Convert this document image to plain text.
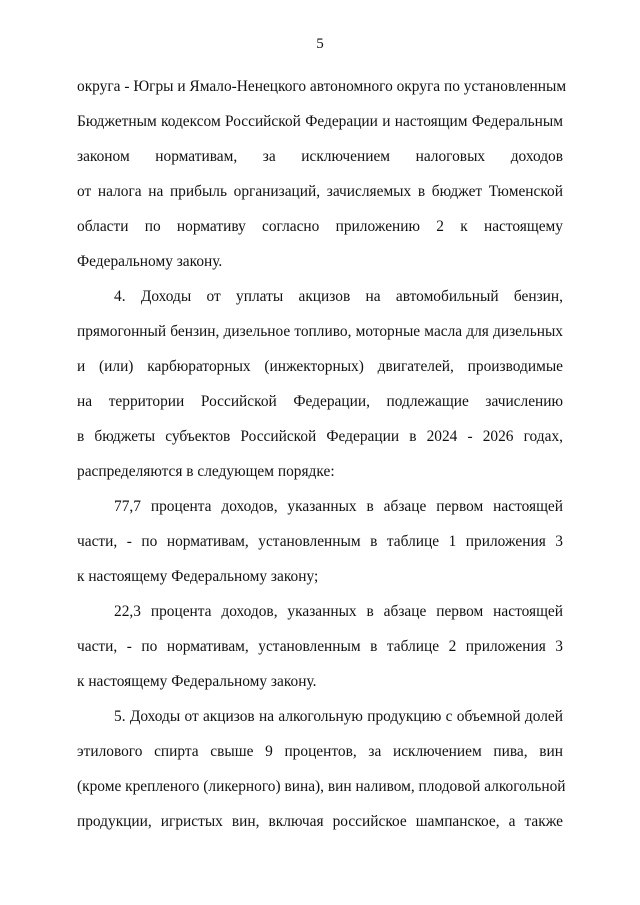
5
округа - Югры и Ямало-Ненецкого автономного округа по установленным
Бюджетным кодексом Российской Федерации и настоящим Федеральным
законом нормативам, за исключением налоговых доходов
от налога на прибыль организаций, зачисляемых в бюджет Тюменской
области по нормативу согласно приложению 2 к настоящему
Федеральному закону.
4. Доходы от уплаты акцизов на автомобильный бензин,
прямогонный бензин, дизельное топливо, моторные масла для дизельных
и (или) карбюраторных (инжекторных) двигателей, производимые
на территории Российской Федерации, подлежащие зачислению
в бюджеты субъектов Российской Федерации в 2024 - 2026 годах,
распределяются в следующем порядке:
77,7 процента доходов, указанных в абзаце первом настоящей
части, - по нормативам, установленным в таблице 1 приложения 3
к настоящему Федеральному закону;
22,3 процента доходов, указанных в абзаце первом настоящей
части, - по нормативам, установленным в таблице 2 приложения 3
к настоящему Федеральному закону.
5. Доходы от акцизов на алкогольную продукцию с объемной долей
этилового спирта свыше 9 процентов, за исключением пива, вин
(кроме крепленого (ликерного) вина), вин наливом, плодовой алкогольной
продукции, игристых вин, включая российское шампанское, а также
